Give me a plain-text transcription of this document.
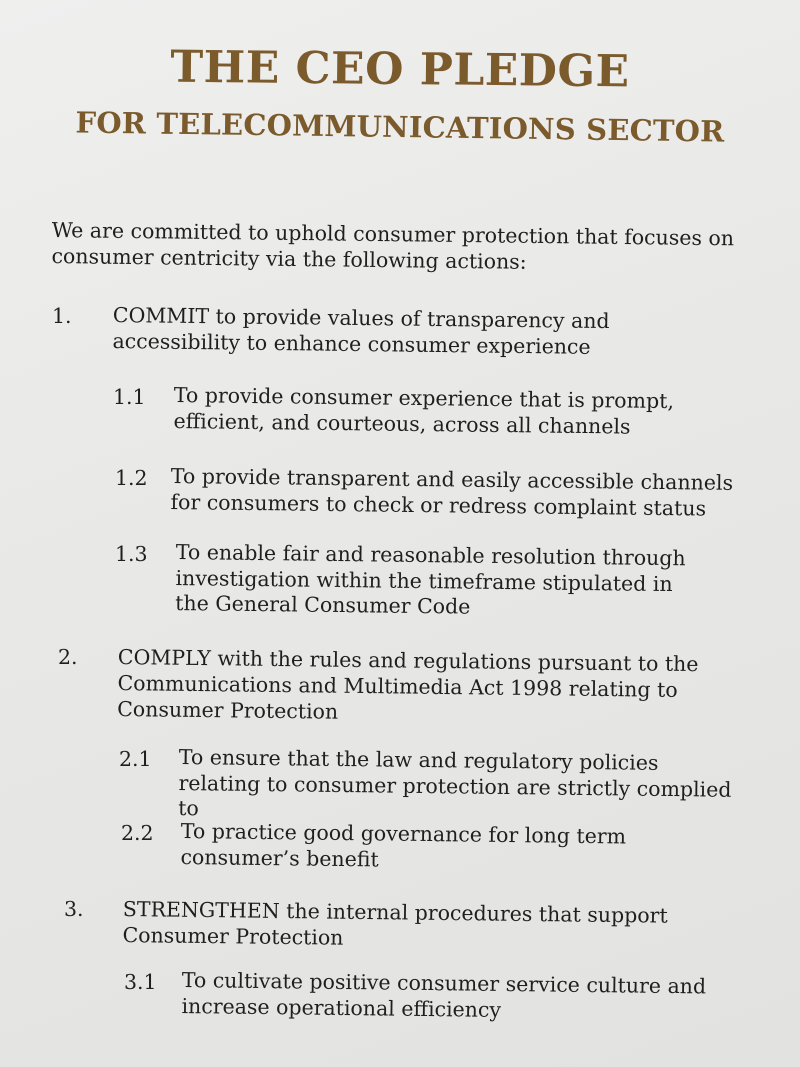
THE CEO PLEDGE
FOR TELECOMMUNICATIONS SECTOR
We are committed to uphold consumer protection that focuses on consumer centricity via the following actions:
1. COMMIT to provide values of transparency and accessibility to enhance consumer experience
1.1 To provide consumer experience that is prompt, efficient, and courteous, across all channels
1.2 To provide transparent and easily accessible channels for consumers to check or redress complaint status
1.3 To enable fair and reasonable resolution through investigation within the timeframe stipulated in the General Consumer Code
2. COMPLY with the rules and regulations pursuant to the Communications and Multimedia Act 1998 relating to Consumer Protection
2.1 To ensure that the law and regulatory policies relating to consumer protection are strictly complied to
2.2 To practice good governance for long term consumer’s benefit
3. STRENGTHEN the internal procedures that support Consumer Protection
3.1 To cultivate positive consumer service culture and increase operational efficiency
